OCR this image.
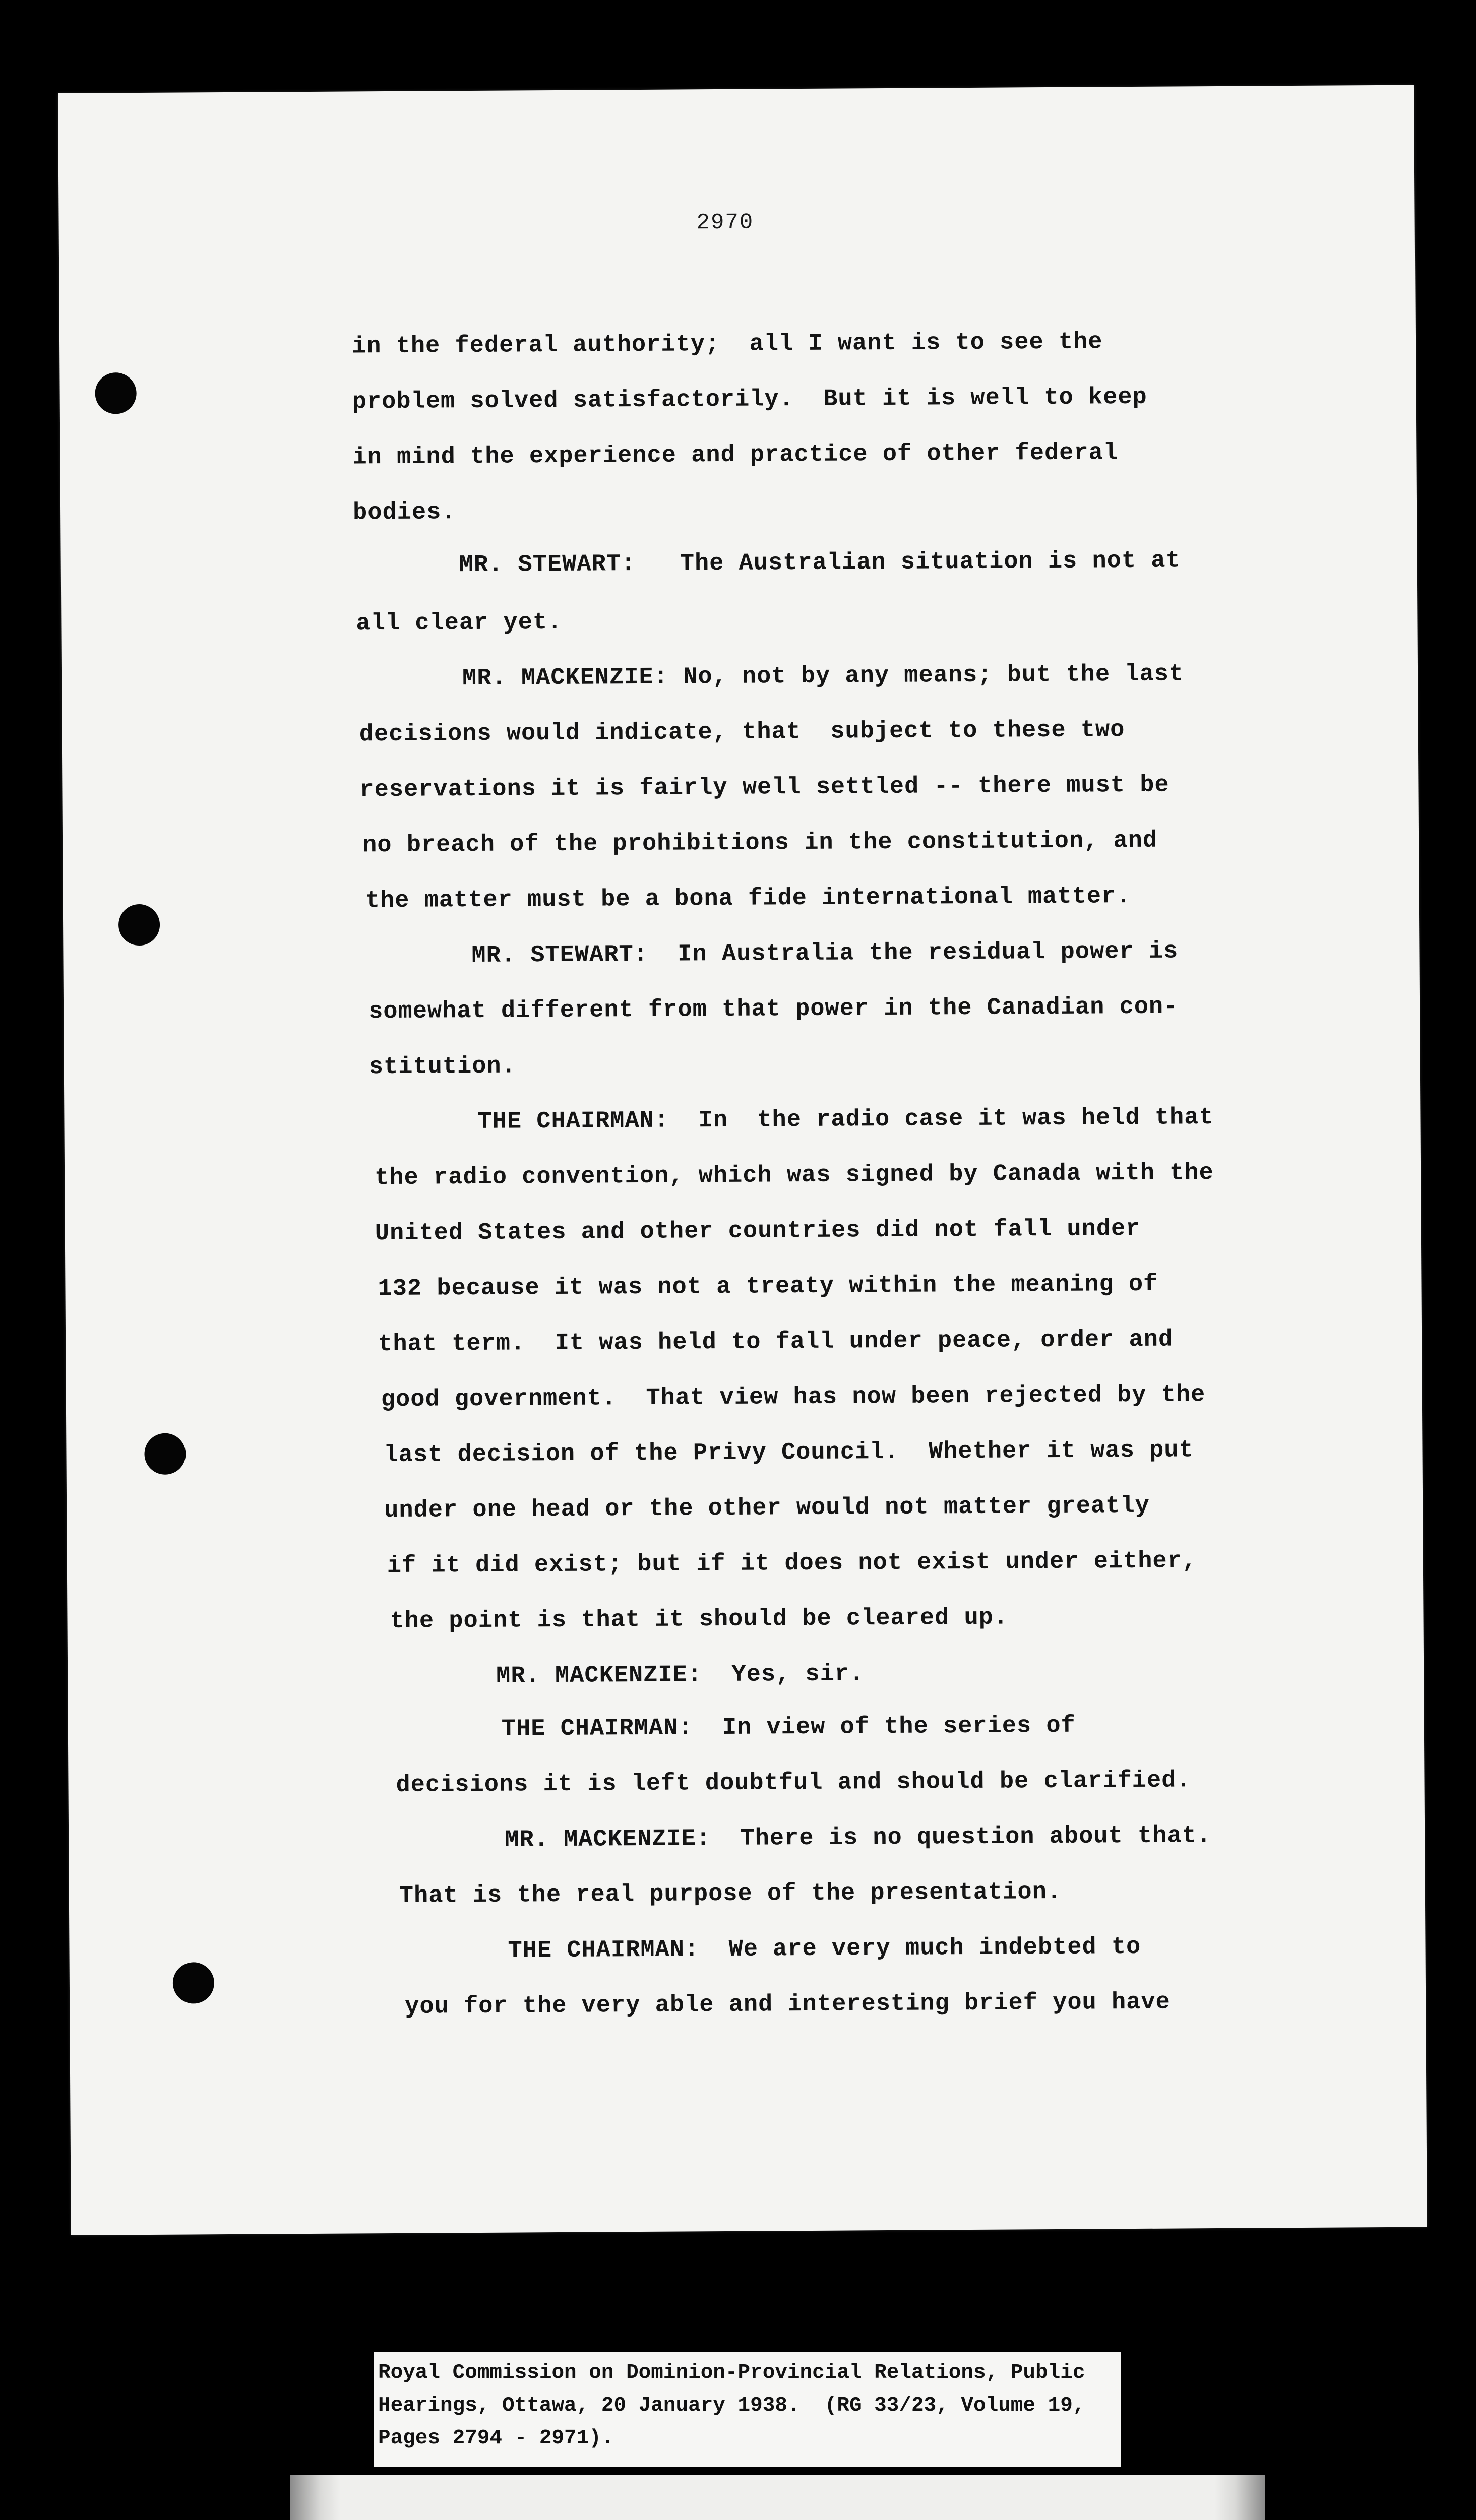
2970
in the federal authority;  all I want is to see the
problem solved satisfactorily.  But it is well to keep
in mind the experience and practice of other federal
bodies.
MR. STEWART:   The Australian situation is not at
all clear yet.
MR. MACKENZIE: No, not by any means; but the last
decisions would indicate, that  subject to these two
reservations it is fairly well settled -- there must be
no breach of the prohibitions in the constitution, and
the matter must be a bona fide international matter.
MR. STEWART:  In Australia the residual power is
somewhat different from that power in the Canadian con-
stitution.
THE CHAIRMAN:  In  the radio case it was held that
the radio convention, which was signed by Canada with the
United States and other countries did not fall under
132 because it was not a treaty within the meaning of
that term.  It was held to fall under peace, order and
good government.  That view has now been rejected by the
last decision of the Privy Council.  Whether it was put
under one head or the other would not matter greatly
if it did exist; but if it does not exist under either,
the point is that it should be cleared up.
MR. MACKENZIE:  Yes, sir.
THE CHAIRMAN:  In view of the series of
decisions it is left doubtful and should be clarified.
MR. MACKENZIE:  There is no question about that.
That is the real purpose of the presentation.
THE CHAIRMAN:  We are very much indebted to
you for the very able and interesting brief you have
Royal Commission on Dominion-Provincial Relations, Public
Hearings, Ottawa, 20 January 1938.  (RG 33/23, Volume 19,
Pages 2794 - 2971).
